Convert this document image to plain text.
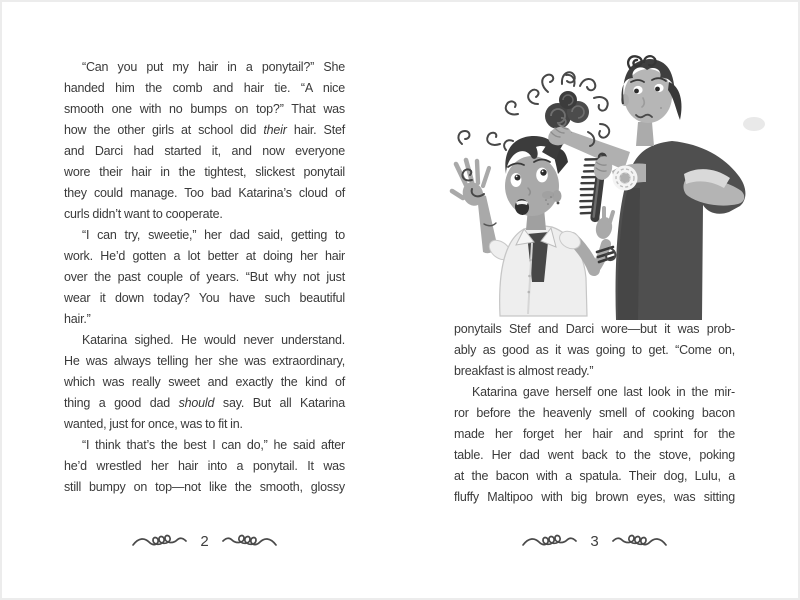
“Can you put my hair in a ponytail?” She
handed him the comb and hair tie. “A nice
smooth one with no bumps on top?” That was
how the other girls at school did their hair. Stef
and Darci had started it, and now everyone
wore their hair in the tightest, slickest ponytail
they could manage. Too bad Katarina’s cloud of
curls didn’t want to cooperate.
“I can try, sweetie,” her dad said, getting to
work. He’d gotten a lot better at doing her hair
over the past couple of years. “But why not just
wear it down today? You have such beautiful
hair.”
Katarina sighed. He would never understand.
He was always telling her she was extraordinary,
which was really sweet and exactly the kind of
thing a good dad should say. But all Katarina
wanted, just for once, was to fit in.
“I think that’s the best I can do,” he said after
he’d wrestled her hair into a ponytail. It was
still bumpy on top—not like the smooth, glossy
ponytails Stef and Darci wore—but it was prob-
ably as good as it was going to get. “Come on,
breakfast is almost ready.”
Katarina gave herself one last look in the mir-
ror before the heavenly smell of cooking bacon
made her forget her hair and sprint for the
table. Her dad went back to the stove, poking
at the bacon with a spatula. Their dog, Lulu, a
fluffy Maltipoo with big brown eyes, was sitting
2	3
